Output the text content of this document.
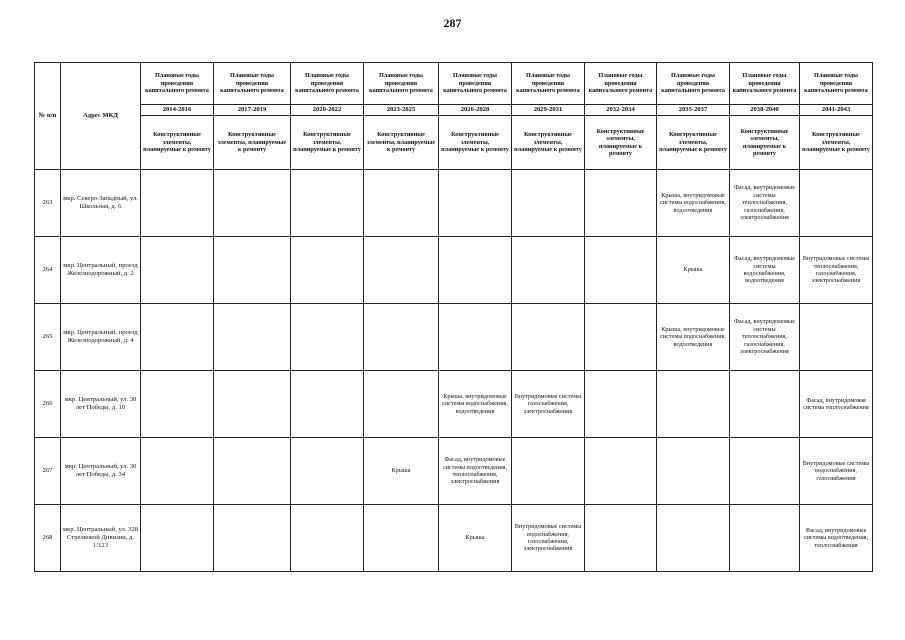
287
№ п/п	Адрес МКД	Плановые годы проведения капитального ремонта	Плановые годы проведения капитального ремонта	Плановые годы проведения капитального ремонта	Плановые годы проведения капитального ремонта	Плановые годы проведения капитального ремонта	Плановые годы проведения капитального ремонта	Плановые годы проведения капитального ремонта	Плановые годы проведения капитального ремонта	Плановые годы проведения капитального ремонта	Плановые годы проведения капитального ремонта
		2014-2016	2017-2019	2020-2022	2023-2025	2026-2028	2029-2031	2032-2034	2035-2037	2038-2040	2041-2043
		Конструктивные элементы, планируемые к ремонту	Конструктивные элементы, планируемые к ремонту	Конструктивные элементы, планируемые к ремонту	Конструктивные элементы, планируемые к ремонту	Конструктивные элементы, планируемые к ремонту	Конструктивные элементы, планируемые к ремонту	Конструктивные элементы, планируемые к ремонту	Конструктивные элементы, планируемые к ремонту	Конструктивные элементы, планируемые к ремонту	Конструктивные элементы, планируемые к ремонту
263	мкр. Северо-Западный, ул. Школьная, д. 6								Крыша, внутридомовые системы водоснабжения, водоотведения	Фасад, внутридомовые системы теплоснабжения, газоснабжения, электроснабжения	
264	мкр. Центральный, проезд Железнодорожный, д. 2								Крыша	Фасад, внутридомовые системы водоснабжения, водоотведения	Внутридомовые системы теплоснабжения, газоснабжения, электроснабжения
265	мкр. Центральный, проезд Железнодорожный, д. 4								Крыша, внутридомовые системы водоснабжения, водоотведения	Фасад, внутридомовые системы теплоснабжения, газоснабжения, электроснабжения	
266	мкр. Центральный, ул. 30 лет Победы, д. 10					Крыша, внутридомовые системы водоснабжения, водоотведения	Внутридомовые системы газоснабжения, электроснабжения				Фасад, внутридомовая система теплоснабжения
267	мкр. Центральный, ул. 30 лет Победы, д. 34				Крыша	Фасад, внутридомовые системы водоотведения, теплоснабжения, электроснабжения					Внутридомовые системы водоснабжения, газоснабжения
268	мкр. Центральный, ул. 328 Стрелковой Дивизии, д. 1/123					Крыша	Внутридомовые системы водоснабжения, газоснабжения, электроснабжения				Фасад, внутридомовые системы водоотведения, теплоснабжения
